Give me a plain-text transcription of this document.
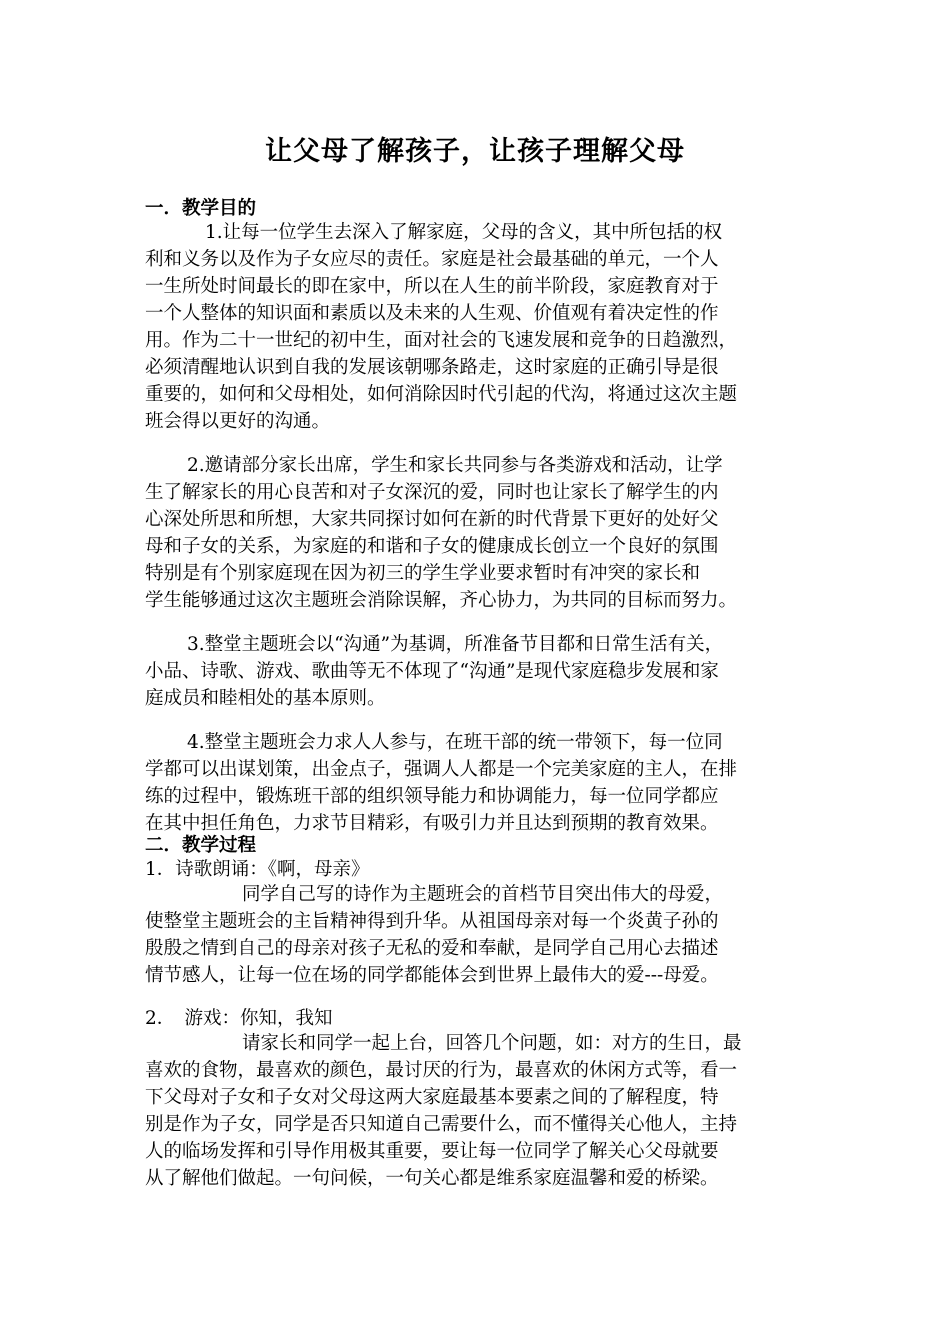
让父母了解孩子，让孩子理解父母
一．教学目的
1.让每一位学生去深入了解家庭，父母的含义，其中所包括的权
利和义务以及作为子女应尽的责任。家庭是社会最基础的单元，一个人
一生所处时间最长的即在家中，所以在人生的前半阶段，家庭教育对于
一个人整体的知识面和素质以及未来的人生观、价值观有着决定性的作
用。作为二十一世纪的初中生，面对社会的飞速发展和竞争的日趋激烈，
必须清醒地认识到自我的发展该朝哪条路走，这时家庭的正确引导是很
重要的，如何和父母相处，如何消除因时代引起的代沟，将通过这次主题
班会得以更好的沟通。
2.邀请部分家长出席，学生和家长共同参与各类游戏和活动，让学
生了解家长的用心良苦和对子女深沉的爱，同时也让家长了解学生的内
心深处所思和所想，大家共同探讨如何在新的时代背景下更好的处好父
母和子女的关系，为家庭的和谐和子女的健康成长创立一个良好的氛围
特别是有个别家庭现在因为初三的学生学业要求暂时有冲突的家长和
学生能够通过这次主题班会消除误解，齐心协力，为共同的目标而努力。
3.整堂主题班会以“沟通”为基调，所准备节目都和日常生活有关，
小品、诗歌、游戏、歌曲等无不体现了“沟通”是现代家庭稳步发展和家
庭成员和睦相处的基本原则。
4.整堂主题班会力求人人参与，在班干部的统一带领下，每一位同
学都可以出谋划策，出金点子，强调人人都是一个完美家庭的主人，在排
练的过程中，锻炼班干部的组织领导能力和协调能力，每一位同学都应
在其中担任角色，力求节目精彩，有吸引力并且达到预期的教育效果。
二．教学过程
1．诗歌朗诵：《啊，母亲》
同学自己写的诗作为主题班会的首档节目突出伟大的母爱，
使整堂主题班会的主旨精神得到升华。从祖国母亲对每一个炎黄子孙的
殷殷之情到自己的母亲对孩子无私的爱和奉献，是同学自己用心去描述
情节感人，让每一位在场的同学都能体会到世界上最伟大的爱---母爱。
2．　游戏：你知，我知
请家长和同学一起上台，回答几个问题，如：对方的生日，最
喜欢的食物，最喜欢的颜色，最讨厌的行为，最喜欢的休闲方式等，看一
下父母对子女和子女对父母这两大家庭最基本要素之间的了解程度，特
别是作为子女，同学是否只知道自己需要什么，而不懂得关心他人，主持
人的临场发挥和引导作用极其重要，要让每一位同学了解关心父母就要
从了解他们做起。一句问候，一句关心都是维系家庭温馨和爱的桥梁。
